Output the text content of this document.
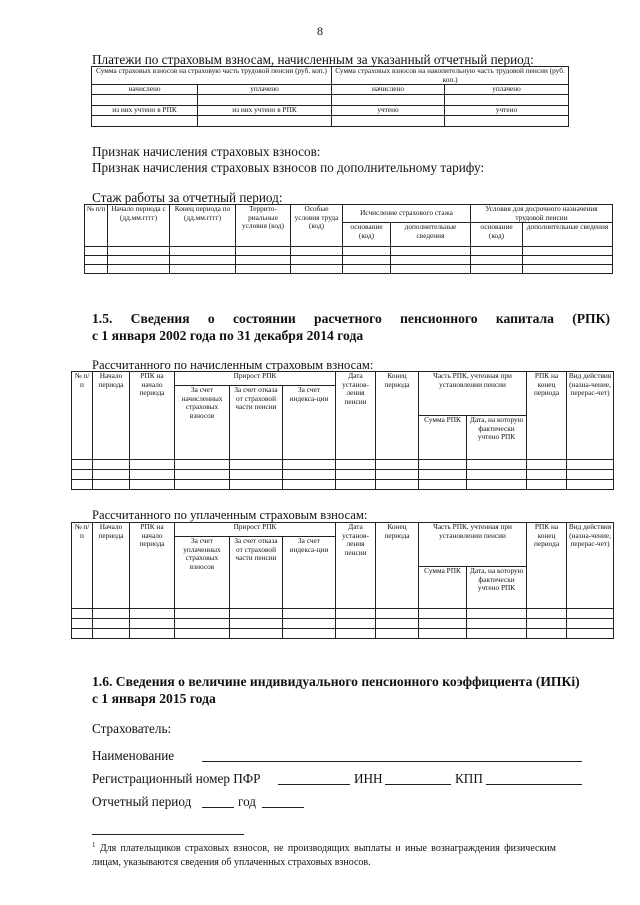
8
Платежи по страховым взносам, начисленным за указанный отчетный период:
Сумма страховых взносов на страховую часть трудовой пенсии (руб. коп.)		Сумма страховых взносов на накопительную часть трудовой пенсии (руб. коп.)	
начислено	уплачено	начислено	уплачено

из них учтено в РПК	из них учтено в РПК	учтено	учтено

Признак начисления страховых взносов:
Признак начисления страховых взносов по дополнительному тарифу:
Стаж работы за отчетный период:
№ п/п	Начало периода с (дд.мм.гггг)	Конец периода по (дд.мм.гггг)	Террито-риальные условия (код)	Особые условия труда (код)	Исчисление страхового стажа		Условия для досрочного назначения трудовой пенсии	
					основание (код)	дополнительные сведения	основание (код)	дополнительные сведения

1.5. Сведения о состоянии расчетного пенсионного капитала (РПК)
с 1 января 2002 года по 31 декабря 2014 года
Рассчитанного по начисленным страховым взносам:
№ п/п	Начало периода	РПК на начало периода	Прирост РПК			Дата установ-ления пенсии	Конец периода	Часть РПК, учтенная при установлении пенсии		РПК на конец периода	Вид действия (назна-чение, перерас-чет)
			За счет начисленных страховых взносов	За счет отказа от страховой части пенсии	За счет индекса-ции						
								Сумма РПК	Дата, на которую фактически учтено РПК		

Рассчитанного по уплаченным страховым взносам:
№ п/п	Начало периода	РПК на начало периода	Прирост РПК			Дата установ-ления пенсии	Конец периода	Часть РПК, учтенная при установлении пенсии		РПК на конец периода	Вид действия (назна-чение, перерас-чет)
			За счет уплаченных страховых взносов	За счет отказа от страховой части пенсии	За счет индекса-ции						
								Сумма РПК	Дата, на которую фактически учтено РПК		

1.6. Сведения о величине индивидуального пенсионного коэффициента (ИПКi)
с 1 января 2015 года
Страхователь:
Наименование
Регистрационный номер ПФР	ИНН	КПП
Отчетный период	год
$^1$ Для плательщиков страховых взносов, не производящих выплаты и иные вознаграждения физическим лицам, указываются сведения об уплаченных страховых взносов.
